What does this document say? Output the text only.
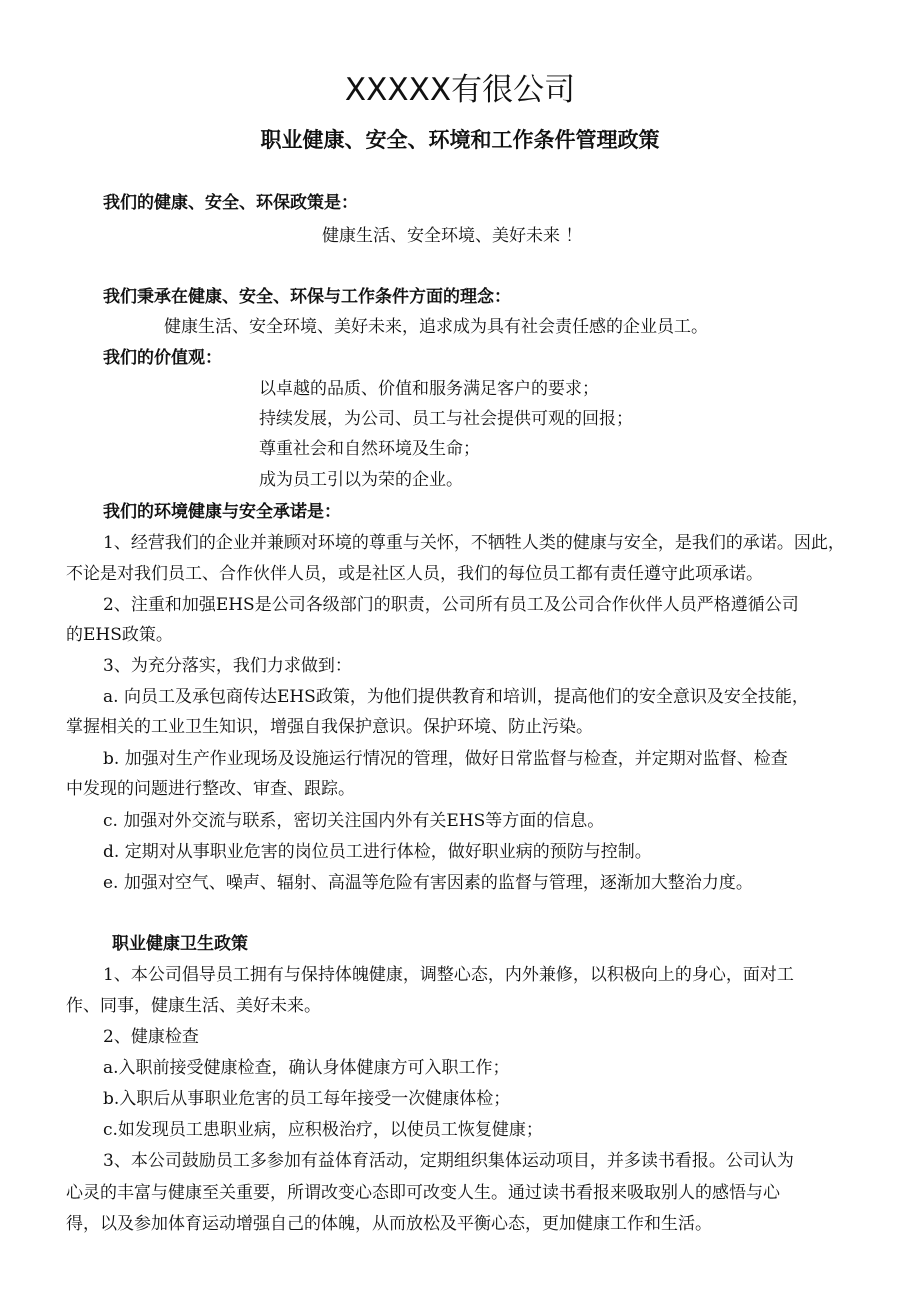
XXXXX有很公司
职业健康、安全、环境和工作条件管理政策
我们的健康、安全、环保政策是：
健康生活、安全环境、美好未来 ！
我们秉承在健康、安全、环保与工作条件方面的理念：
健康生活、安全环境、美好未来，追求成为具有社会责任感的企业员工。
我们的价值观：
以卓越的品质、价值和服务满足客户的要求；
持续发展，为公司、员工与社会提供可观的回报；
尊重社会和自然环境及生命；
成为员工引以为荣的企业。
我们的环境健康与安全承诺是：
1、经营我们的企业并兼顾对环境的尊重与关怀，不牺牲人类的健康与安全，是我们的承诺。因此，
不论是对我们员工、合作伙伴人员，或是社区人员，我们的每位员工都有责任遵守此项承诺。
2、注重和加强EHS是公司各级部门的职责，公司所有员工及公司合作伙伴人员严格遵循公司
的EHS政策。
3、为充分落实，我们力求做到：
a. 向员工及承包商传达EHS政策，为他们提供教育和培训，提高他们的安全意识及安全技能，
掌握相关的工业卫生知识，增强自我保护意识。保护环境、防止污染。
b. 加强对生产作业现场及设施运行情况的管理，做好日常监督与检查，并定期对监督、检查
中发现的问题进行整改、审查、跟踪。
c. 加强对外交流与联系，密切关注国内外有关EHS等方面的信息。
d. 定期对从事职业危害的岗位员工进行体检，做好职业病的预防与控制。
e. 加强对空气、噪声、辐射、高温等危险有害因素的监督与管理，逐渐加大整治力度。
职业健康卫生政策
1、本公司倡导员工拥有与保持体魄健康，调整心态，内外兼修，以积极向上的身心，面对工
作、同事，健康生活、美好未来。
2、健康检查
a.入职前接受健康检查，确认身体健康方可入职工作；
b.入职后从事职业危害的员工每年接受一次健康体检；
c.如发现员工患职业病，应积极治疗，以使员工恢复健康；
3、本公司鼓励员工多参加有益体育活动，定期组织集体运动项目，并多读书看报。公司认为
心灵的丰富与健康至关重要，所谓改变心态即可改变人生。通过读书看报来吸取别人的感悟与心
得，以及参加体育运动增强自己的体魄，从而放松及平衡心态，更加健康工作和生活。
